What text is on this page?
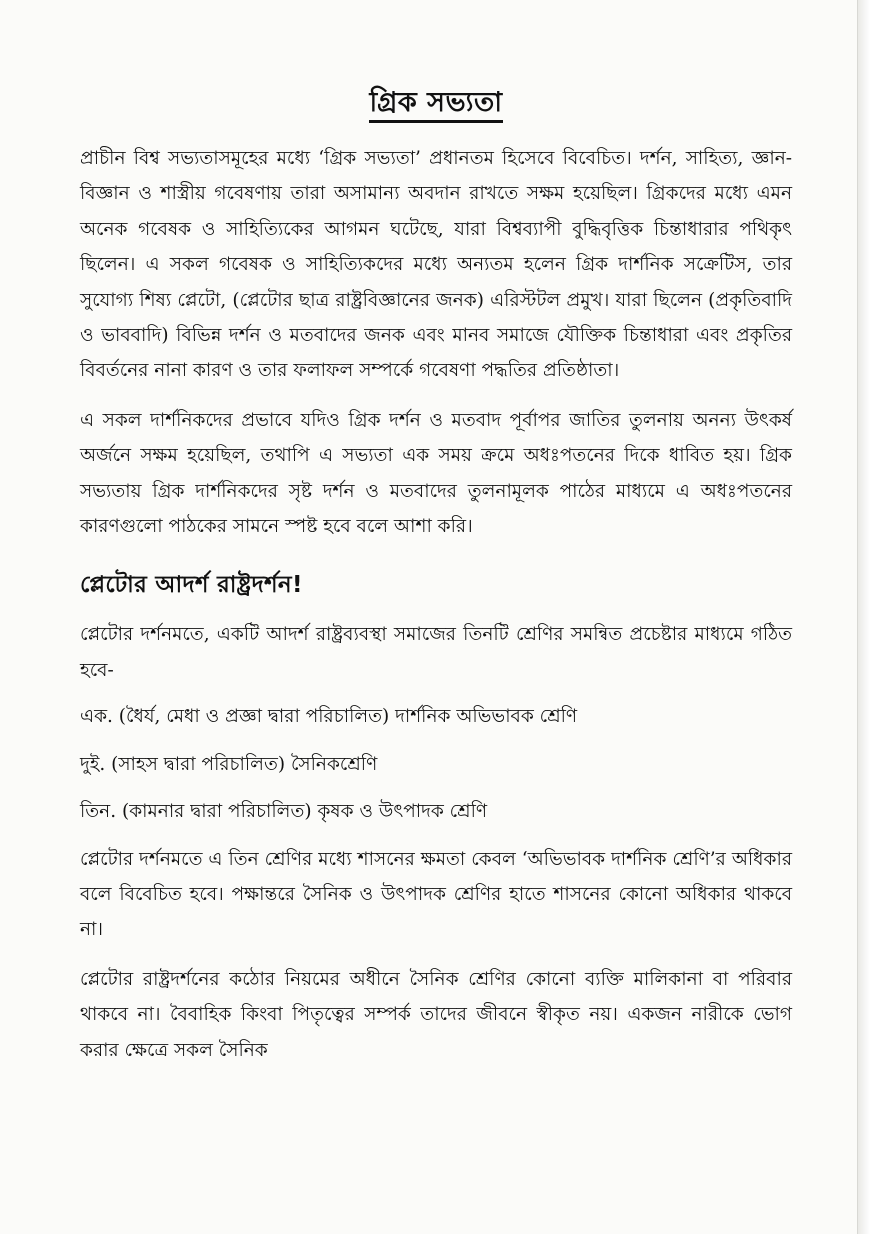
গ্রিক সভ্যতা

প্রাচীন বিশ্ব সভ্যতাসমূহের মধ্যে ‘গ্রিক সভ্যতা’ প্রধানতম হিসেবে বিবেচিত। দর্শন, সাহিত্য, জ্ঞান-বিজ্ঞান ও শাস্ত্রীয় গবেষণায় তারা অসামান্য অবদান রাখতে সক্ষম হয়েছিল। গ্রিকদের মধ্যে এমন অনেক গবেষক ও সাহিত্যিকের আগমন ঘটেছে, যারা বিশ্বব্যাপী বুদ্ধিবৃত্তিক চিন্তাধারার পথিকৃৎ ছিলেন। এ সকল গবেষক ও সাহিত্যিকদের মধ্যে অন্যতম হলেন গ্রিক দার্শনিক সক্রেটিস, তার সুযোগ্য শিষ্য প্লেটো, (প্লেটোর ছাত্র রাষ্ট্রবিজ্ঞানের জনক) এরিস্টটল প্রমুখ। যারা ছিলেন (প্রকৃতিবাদি ও ভাববাদি) বিভিন্ন দর্শন ও মতবাদের জনক এবং মানব সমাজে যৌক্তিক চিন্তাধারা এবং প্রকৃতির বিবর্তনের নানা কারণ ও তার ফলাফল সম্পর্কে গবেষণা পদ্ধতির প্রতিষ্ঠাতা।

এ সকল দার্শনিকদের প্রভাবে যদিও গ্রিক দর্শন ও মতবাদ পূর্বাপর জাতির তুলনায় অনন্য উৎকর্ষ অর্জনে সক্ষম হয়েছিল, তথাপি এ সভ্যতা এক সময় ক্রমে অধঃপতনের দিকে ধাবিত হয়। গ্রিক সভ্যতায় গ্রিক দার্শনিকদের সৃষ্ট দর্শন ও মতবাদের তুলনামূলক পাঠের মাধ্যমে এ অধঃপতনের কারণগুলো পাঠকের সামনে স্পষ্ট হবে বলে আশা করি।

প্লেটোর আদর্শ রাষ্ট্রদর্শন!

প্লেটোর দর্শনমতে, একটি আদর্শ রাষ্ট্রব্যবস্থা সমাজের তিনটি শ্রেণির সমন্বিত প্রচেষ্টার মাধ্যমে গঠিত হবে-

এক. (ধৈর্য, মেধা ও প্রজ্ঞা দ্বারা পরিচালিত) দার্শনিক অভিভাবক শ্রেণি
দুই. (সাহস দ্বারা পরিচালিত) সৈনিকশ্রেণি
তিন. (কামনার দ্বারা পরিচালিত) কৃষক ও উৎপাদক শ্রেণি

প্লেটোর দর্শনমতে এ তিন শ্রেণির মধ্যে শাসনের ক্ষমতা কেবল ‘অভিভাবক দার্শনিক শ্রেণি’র অধিকার বলে বিবেচিত হবে। পক্ষান্তরে সৈনিক ও উৎপাদক শ্রেণির হাতে শাসনের কোনো অধিকার থাকবে না।

প্লেটোর রাষ্ট্রদর্শনের কঠোর নিয়মের অধীনে সৈনিক শ্রেণির কোনো ব্যক্তি মালিকানা বা পরিবার থাকবে না। বৈবাহিক কিংবা পিতৃত্বের সম্পর্ক তাদের জীবনে স্বীকৃত নয়। একজন নারীকে ভোগ করার ক্ষেত্রে সকল সৈনিক
